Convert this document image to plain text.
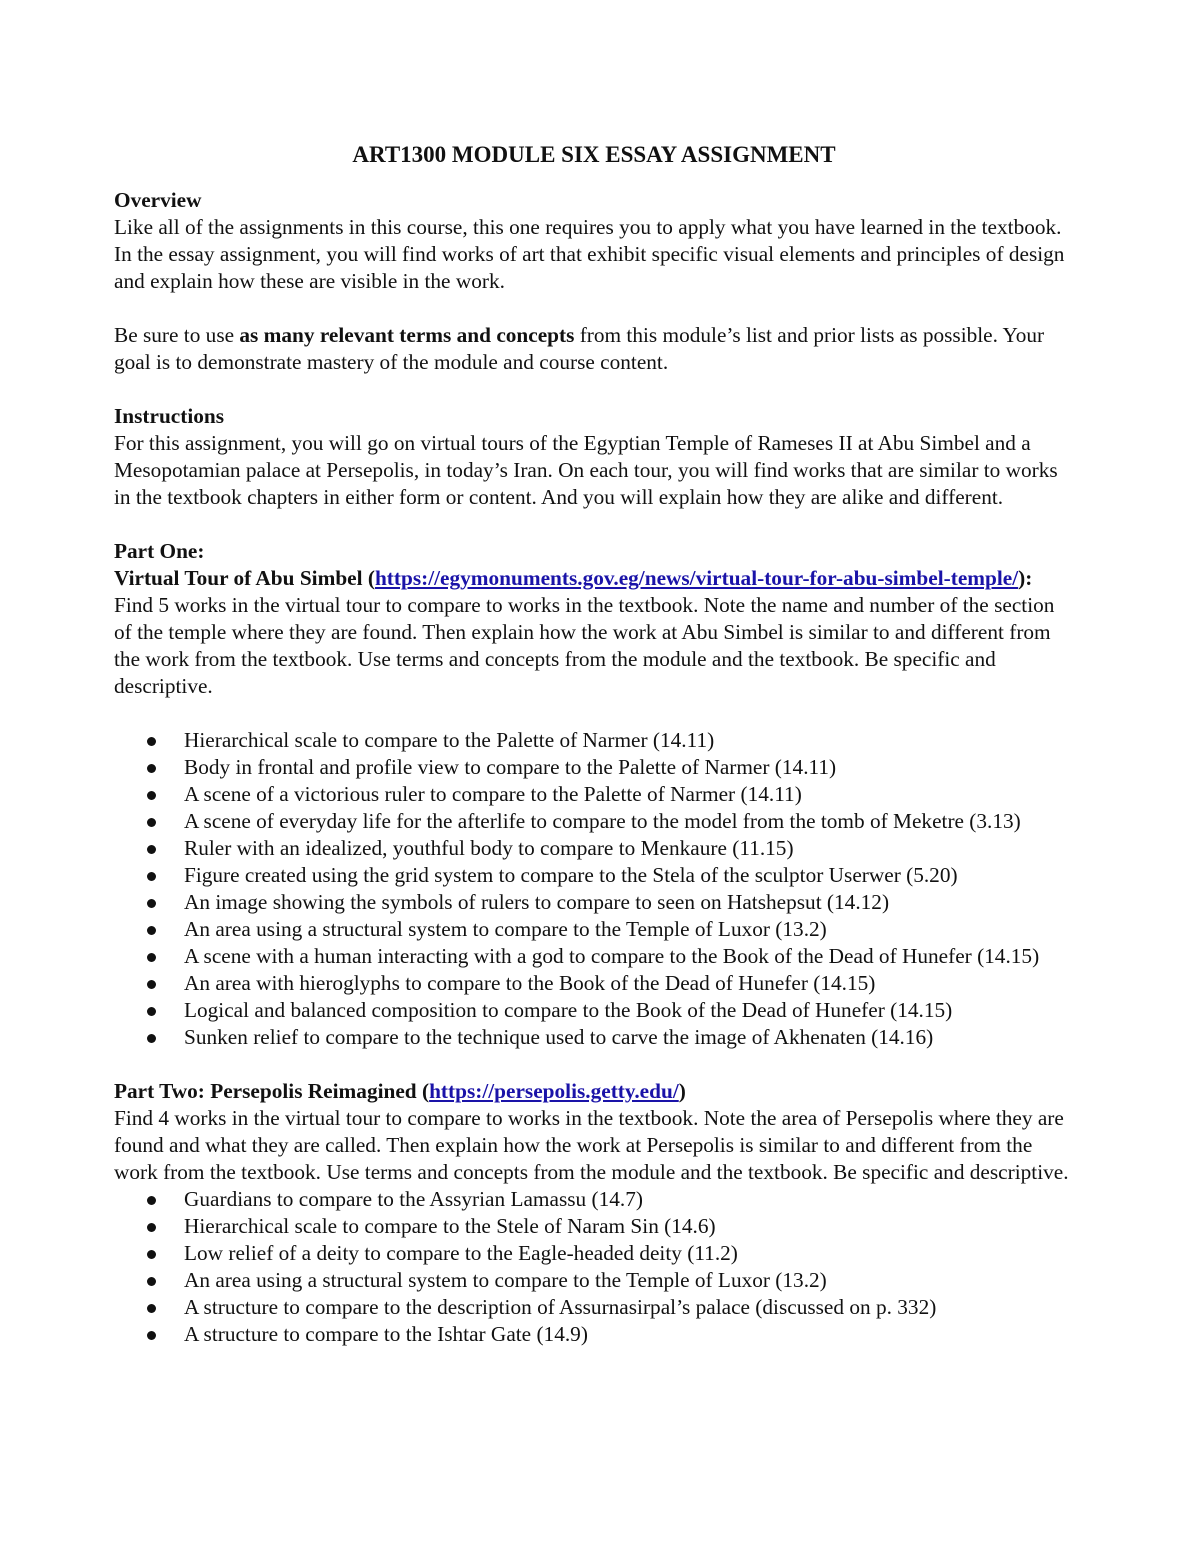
ART1300 MODULE SIX ESSAY ASSIGNMENT
Overview

Like all of the assignments in this course, this one requires you to apply what you have learned in the textbook. In the essay assignment, you will find works of art that exhibit specific visual elements and principles of design and explain how these are visible in the work.

Be sure to use as many relevant terms and concepts from this module’s list and prior lists as possible. Your goal is to demonstrate mastery of the module and course content.

Instructions

For this assignment, you will go on virtual tours of the Egyptian Temple of Rameses II at Abu Simbel and a Mesopotamian palace at Persepolis, in today’s Iran. On each tour, you will find works that are similar to works in the textbook chapters in either form or content. And you will explain how they are alike and different.

Part One:
Virtual Tour of Abu Simbel (https://egymonuments.gov.eg/news/virtual-tour-for-abu-simbel-temple/):

Find 5 works in the virtual tour to compare to works in the textbook. Note the name and number of the section of the temple where they are found. Then explain how the work at Abu Simbel is similar to and different from the work from the textbook. Use terms and concepts from the module and the textbook. Be specific and descriptive.

Hierarchical scale to compare to the Palette of Narmer (14.11)
Body in frontal and profile view to compare to the Palette of Narmer (14.11)
A scene of a victorious ruler to compare to the Palette of Narmer (14.11)
A scene of everyday life for the afterlife to compare to the model from the tomb of Meketre (3.13)
Ruler with an idealized, youthful body to compare to Menkaure (11.15)
Figure created using the grid system to compare to the Stela of the sculptor Userwer (5.20)
An image showing the symbols of rulers to compare to seen on Hatshepsut (14.12)
An area using a structural system to compare to the Temple of Luxor (13.2)
A scene with a human interacting with a god to compare to the Book of the Dead of Hunefer (14.15)
An area with hieroglyphs to compare to the Book of the Dead of Hunefer (14.15)
Logical and balanced composition to compare to the Book of the Dead of Hunefer (14.15)
Sunken relief to compare to the technique used to carve the image of Akhenaten (14.16)
Part Two: Persepolis Reimagined (https://persepolis.getty.edu/)

Find 4 works in the virtual tour to compare to works in the textbook. Note the area of Persepolis where they are found and what they are called. Then explain how the work at Persepolis is similar to and different from the work from the textbook. Use terms and concepts from the module and the textbook. Be specific and descriptive.

Guardians to compare to the Assyrian Lamassu (14.7)
Hierarchical scale to compare to the Stele of Naram Sin (14.6)
Low relief of a deity to compare to the Eagle-headed deity (11.2)
An area using a structural system to compare to the Temple of Luxor (13.2)
A structure to compare to the description of Assurnasirpal’s palace (discussed on p. 332)
A structure to compare to the Ishtar Gate (14.9)
